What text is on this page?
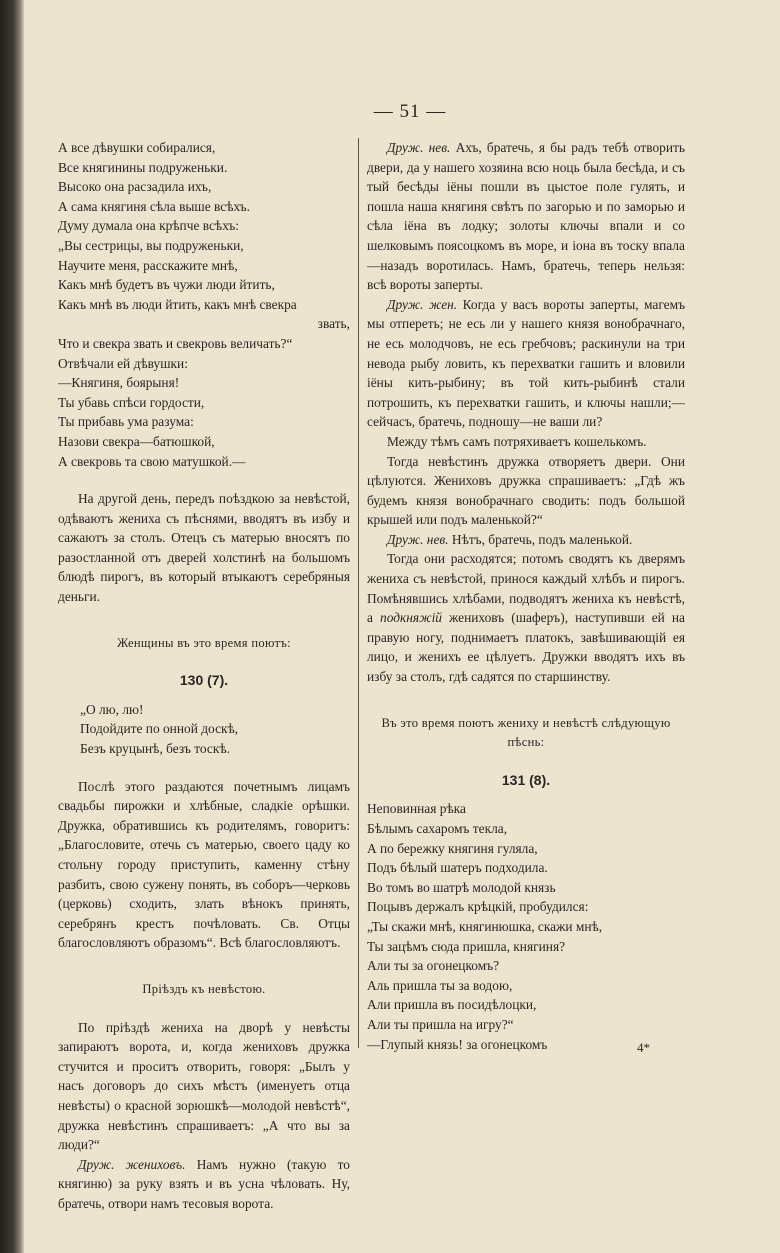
— 51 —
А все дѣвушки собиралися,
Все княгинины подруженьки.
Высоко она расзадила ихъ,
А сама княгиня сѣла выше всѣхъ.
Думу думала она крѣпче всѣхъ:
„Вы сестрицы, вы подруженьки,
Научите меня, расскажите мнѣ,
Какъ мнѣ будетъ въ чужи люди йтить,
Какъ мнѣ въ люди йтить, какъ мнѣ свекра
звать,
Что и свекра звать и свекровь величать?“
Отвѣчали ей дѣвушки:
—Княгиня, боярыня!
Ты убавь спѣси гордости,
Ты прибавь ума разума:
Назови свекра—батюшкой,
А свекровь та свою матушкой.—

На другой день, передъ поѣздкою за невѣстой, одѣваютъ жениха съ пѣснями, вводятъ въ избу и сажаютъ за столъ. Отецъ съ матерью вносятъ по разостланной отъ дверей холстинѣ на большомъ блюдѣ пирогъ, въ который втыкаютъ серебряныя деньги.

Женщины въ это время поютъ:
130 (7).
„О лю, лю!
Подойдите по онной доскѣ,
Безъ круцынѣ, безъ тоскѣ.

Послѣ этого раздаются почетнымъ лицамъ свадьбы пирожки и хлѣбные, сладкіе орѣшки. Дружка, обратившись къ родителямъ, говоритъ: „Благословите, отечь съ матерью, своего цаду ко стольну городу приступить, каменну стѣну разбить, свою сужену понять, въ соборъ—черковь (церковь) сходить, злать вѣнокъ принять, серебрянъ крестъ почѣловать. Св. Отцы благословляютъ образомъ“. Всѣ благословляютъ.

Пріѣздъ къ невѣстою.

По пріѣздѣ жениха на дворѣ у невѣсты запираютъ ворота, и, когда жениховъ дружка стучится и проситъ отворить, говоря: „Былъ у насъ договоръ до сихъ мѣстъ (именуетъ отца невѣсты) о красной зорюшкѣ—молодой невѣстѣ“, дружка невѣстинъ спрашиваетъ: „А что вы за люди?“

Друж. жениховъ. Намъ нужно (такую то княгиню) за руку взять и въ усна чѣловать. Ну, братечь, отвори намъ тесовыя ворота.

Друж. нев. Ахъ, братечь, я бы радъ тебѣ отворить двери, да у нашего хозяина всю ноць была бесѣда, и съ тый бесѣды іёны пошли въ цыстое поле гулять, и пошла наша княгиня свѣтъ по загорью и по заморью и сѣла іёна въ лодку; золоты ключы впали и со шелковымъ поясоцкомъ въ море, и іона въ тоску впала—назадъ воротилась. Намъ, братечь, теперь нельзя: всѣ вороты заперты.

Друж. жен. Когда у васъ вороты заперты, магемъ мы отпереть; не есь ли у нашего князя вонобрачнаго, не есь молодчовъ, не есь гребчовъ; раскинули на три невода рыбу ловить, къ перехватки гашить и вловили іёны кить-рыбину; въ той кить-рыбинѣ стали потрошить, къ перехватки гашить, и ключы нашли;—сейчасъ, братечь, подношу—не ваши ли?

Между тѣмъ самъ потряхиваетъ кошелькомъ.

Тогда невѣстинъ дружка отворяетъ двери. Они цѣлуются. Жениховъ дружка спрашиваетъ: „Гдѣ жъ будемъ князя вонобрачнаго сводить: подъ большой крышей или подъ маленькой?“

Друж. нев. Нѣтъ, братечь, подъ маленькой.

Тогда они расходятся; потомъ сводятъ къ дверямъ жениха съ невѣстой, принося каждый хлѣбъ и пирогъ. Помѣнявшись хлѣбами, подводятъ жениха къ невѣстѣ, а подкняжій жениховъ (шаферъ), наступивши ей на правую ногу, поднимаетъ платокъ, завѣшивающій ея лицо, и женихъ ее цѣлуетъ. Дружки вводятъ ихъ въ избу за столъ, гдѣ садятся по старшинству.

Въ это время поютъ жениху и невѣстѣ слѣдующую пѣснь:
131 (8).
Неповинная рѣка
Бѣлымъ сахаромъ текла,
А по бережку княгиня гуляла,
Подъ бѣлый шатеръ подходила.
Во томъ во шатрѣ молодой князь
Поцывъ держалъ крѣцкій, пробудился:
„Ты скажи мнѣ, княгинюшка, скажи мнѣ,
Ты зацѣмъ сюда пришла, княгиня?
Али ты за огонецкомъ?
Аль пришла ты за водою,
Али пришла въ посидѣлоцки,
Али ты пришла на игру?“
—Глупый князь! за огонецкомъ	4*
